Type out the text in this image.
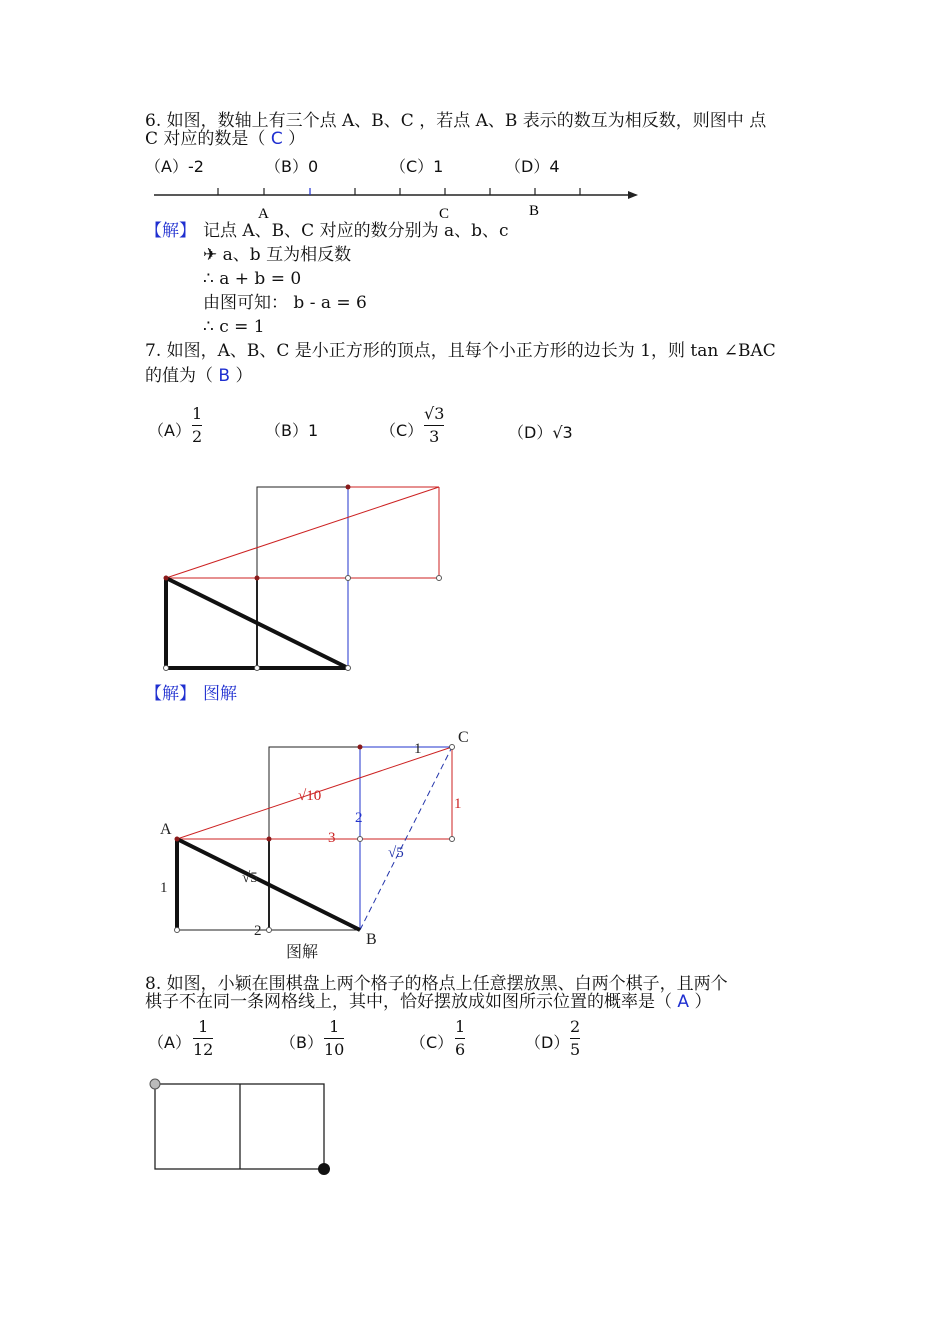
6. 如图，数轴上有三个点 A、B、C ，若点 A、B 表示的数互为相反数，则图中 点
C 对应的数是（ C ）
（A）-2	（B）0	（C）1	（D）4
A	C	B
【解】 记点 A、B、C 对应的数分别为 a、b、c
✈ a、b 互为相反数
∴ a + b = 0
由图可知： b - a = 6
∴ c = 1
7. 如图，A、B、C 是小正方形的顶点，且每个小正方形的边长为 1，则 tan ∠BAC
的值为（ B ）
（A）
1
2	（B）1	（C）
√3
3	（D）√3
【解】 图解
A
B
C
1
1
2
3
1
2
√10
√5
√5
图解
8. 如图，小颖在围棋盘上两个格子的格点上任意摆放黑、白两个棋子，且两个
棋子不在同一条网格线上，其中，恰好摆放成如图所示位置的概率是（ A ）
（A）
1
12	（B）
1
10	（C）
1
6	（D）
2
5
